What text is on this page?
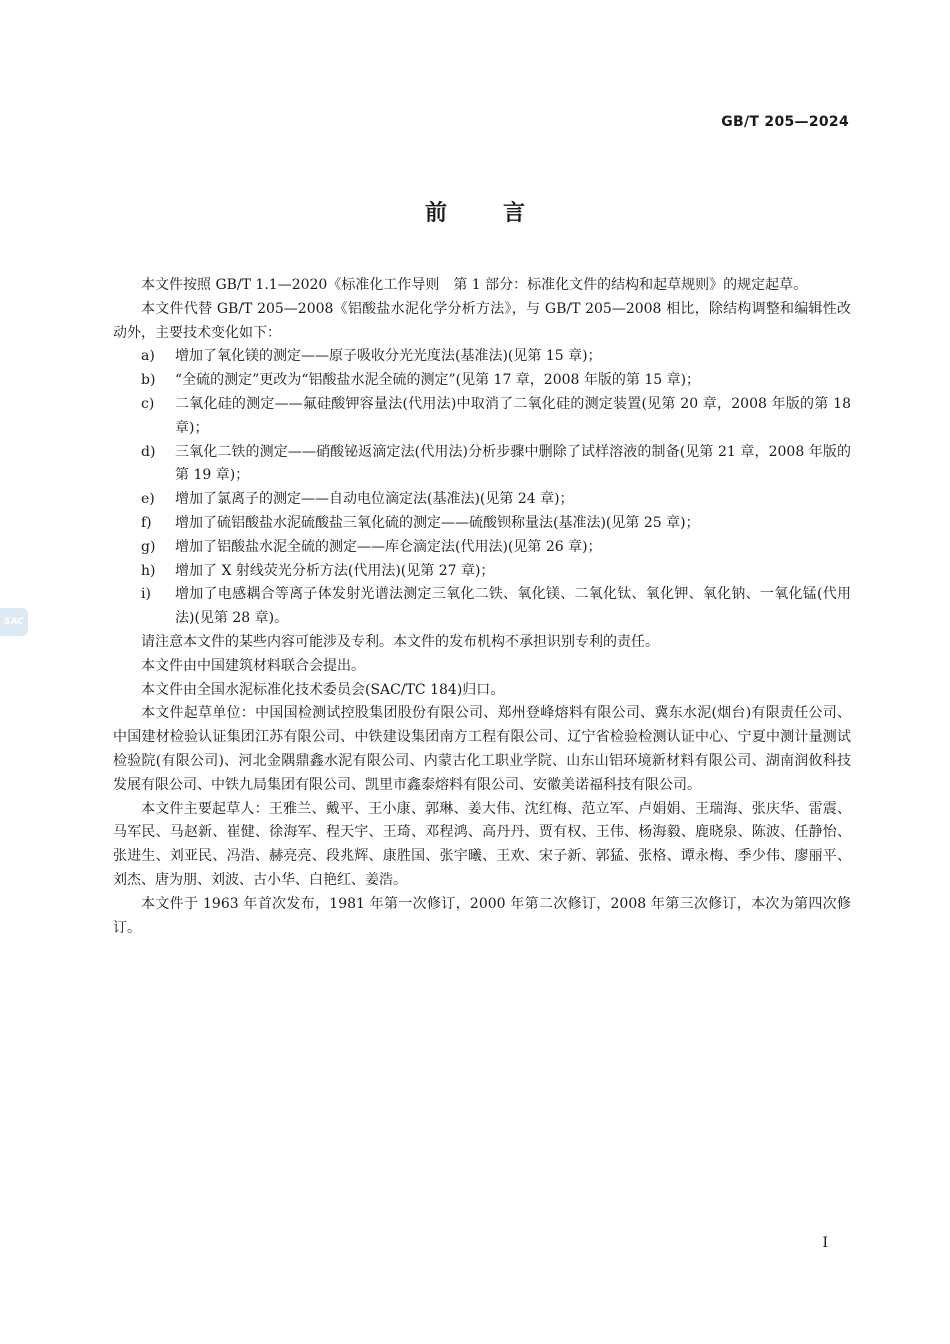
GB/T 205—2024
前言

本文件按照 GB/T 1.1—2020《标准化工作导则　第 1 部分：标准化文件的结构和起草规则》的规定起草。

本文件代替 GB/T 205—2008《铝酸盐水泥化学分析方法》，与 GB/T 205—2008 相比，除结构调整和编辑性改动外，主要技术变化如下：

a)	增加了氧化镁的测定——原子吸收分光光度法(基准法)(见第 15 章)；
b)	“全硫的测定”更改为“铝酸盐水泥全硫的测定”(见第 17 章，2008 年版的第 15 章)；
c)	二氧化硅的测定——氟硅酸钾容量法(代用法)中取消了二氧化硅的测定装置(见第 20 章，2008 年版的第 18 章)；
d)	三氧化二铁的测定——硝酸铋返滴定法(代用法)分析步骤中删除了试样溶液的制备(见第 21 章，2008 年版的第 19 章)；
e)	增加了氯离子的测定——自动电位滴定法(基准法)(见第 24 章)；
f)	增加了硫铝酸盐水泥硫酸盐三氧化硫的测定——硫酸钡称量法(基准法)(见第 25 章)；
g)	增加了铝酸盐水泥全硫的测定——库仑滴定法(代用法)(见第 26 章)；
h)	增加了 X 射线荧光分析方法(代用法)(见第 27 章)；
i)	增加了电感耦合等离子体发射光谱法测定三氧化二铁、氧化镁、二氧化钛、氧化钾、氧化钠、一氧化锰(代用法)(见第 28 章)。

请注意本文件的某些内容可能涉及专利。本文件的发布机构不承担识别专利的责任。

本文件由中国建筑材料联合会提出。

本文件由全国水泥标准化技术委员会(SAC/TC 184)归口。

本文件起草单位：中国国检测试控股集团股份有限公司、郑州登峰熔料有限公司、冀东水泥(烟台)有限责任公司、中国建材检验认证集团江苏有限公司、中铁建设集团南方工程有限公司、辽宁省检验检测认证中心、宁夏中测计量测试检验院(有限公司)、河北金隅鼎鑫水泥有限公司、内蒙古化工职业学院、山东山铝环境新材料有限公司、湖南润攸科技发展有限公司、中铁九局集团有限公司、凯里市鑫泰熔料有限公司、安徽美诺福科技有限公司。

本文件主要起草人：王雅兰、戴平、王小康、郭琳、姜大伟、沈红梅、范立军、卢娟娟、王瑞海、张庆华、雷震、马军民、马赵新、崔健、徐海军、程天宇、王琦、邓程鸿、高丹丹、贾有权、王伟、杨海毅、鹿晓泉、陈波、任静怡、张进生、刘亚民、冯浩、赫亮亮、段兆辉、康胜国、张宇曦、王欢、宋子新、郭猛、张格、谭永梅、季少伟、廖丽平、刘杰、唐为朋、刘波、古小华、白艳红、姜浩。

本文件于 1963 年首次发布，1981 年第一次修订，2000 年第二次修订，2008 年第三次修订，本次为第四次修订。

SAC
I
